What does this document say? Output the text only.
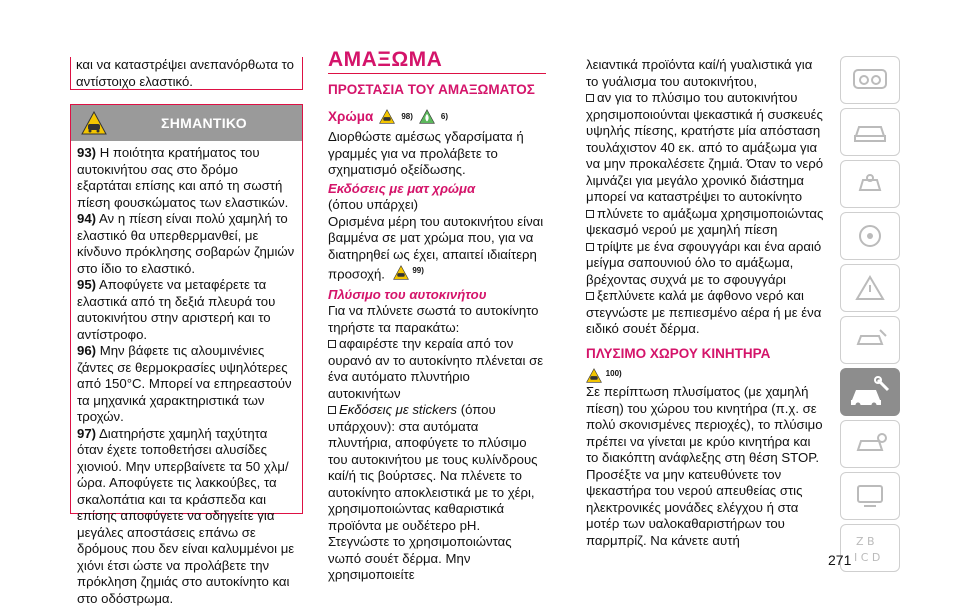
και να καταστρέψει ανεπανόρθωτα το αντίστοιχο ελαστικό.

ΣΗΜΑΝΤΙΚΟ

93) Η ποιότητα κρατήματος του αυτοκινήτου σας στο δρόμο εξαρτάται επίσης και από τη σωστή πίεση φουσκώματος των ελαστικών.

94) Αν η πίεση είναι πολύ χαμηλή το ελαστικό θα υπερθερμανθεί, με κίνδυνο πρόκλησης σοβαρών ζημιών στο ίδιο το ελαστικό.

95) Αποφύγετε να μεταφέρετε τα ελαστικά από τη δεξιά πλευρά του αυτοκινήτου στην αριστερή και το αντίστροφο.

96) Μην βάφετε τις αλουμινένιες ζάντες σε θερμοκρασίες υψηλότερες από 150°C. Μπορεί να επηρεαστούν τα μηχανικά χαρακτηριστικά των τροχών.

97) Διατηρήστε χαμηλή ταχύτητα όταν έχετε τοποθετήσει αλυσίδες χιονιού. Μην υπερβαίνετε τα 50 χλμ/ώρα. Αποφύγετε τις λακκούβες, τα σκαλοπάτια και τα κράσπεδα και επίσης αποφύγετε να οδηγείτε για μεγάλες αποστάσεις επάνω σε δρόμους που δεν είναι καλυμμένοι με χιόνι έτσι ώστε να προλάβετε την πρόκληση ζημιάς στο αυτοκίνητο και στο οδόστρωμα.

ΑΜΑΞΩΜΑ
ΠΡΟΣΤΑΣΙΑ ΤΟΥ ΑΜΑΞΩΜΑΤΟΣ
Χρώμα	98)	6)

Διορθώστε αμέσως γδαρσίματα ή γραμμές για να προλάβετε το σχηματισμό οξείδωσης.

Εκδόσεις με ματ χρώμα

(όπου υπάρχει)

Ορισμένα μέρη του αυτοκινήτου είναι βαμμένα σε ματ χρώμα που, για να διατηρηθεί ως έχει, απαιτεί ιδιαίτερη προσοχή.	$^{99)}$

Πλύσιμο του αυτοκινήτου

Για να πλύνετε σωστά το αυτοκίνητο τηρήστε τα παρακάτω:

αφαιρέστε την κεραία από τον ουρανό αν το αυτοκίνητο πλένεται σε ένα αυτόματο πλυντήριο αυτοκινήτων

Εκδόσεις με stickers (όπου υπάρχουν): στα αυτόματα πλυντήρια, αποφύγετε το πλύσιμο του αυτοκινήτου με τους κυλίνδρους καί/ή τις βούρτσες. Να πλένετε το αυτοκίνητο αποκλειστικά με το χέρι, χρησιμοποιώντας καθαριστικά προϊόντα με ουδέτερο pH. Στεγνώστε το χρησιμοποιώντας νωπό σουέτ δέρμα. Μην χρησιμοποιείτε

λειαντικά προϊόντα καί/ή γυαλιστικά για το γυάλισμα του αυτοκινήτου,

αν για το πλύσιμο του αυτοκινήτου χρησιμοποιούνται ψεκαστικά ή συσκευές υψηλής πίεσης, κρατήστε μία απόσταση τουλάχιστον 40 εκ. από το αμάξωμα για να μην προκαλέσετε ζημιά. Όταν το νερό λιμνάζει για μεγάλο χρονικό διάστημα μπορεί να καταστρέψει το αυτοκίνητο

πλύνετε το αμάξωμα χρησιμοποιώντας ψεκασμό νερού με χαμηλή πίεση

τρίψτε με ένα σφουγγάρι και ένα αραιό μείγμα σαπουνιού όλο το αμάξωμα, βρέχοντας συχνά με το σφουγγάρι

ξεπλύνετε καλά με άφθονο νερό και στεγνώστε με πεπιεσμένο αέρα ή με ένα ειδικό σουέτ δέρμα.

ΠΛΥΣΙΜΟ ΧΩΡΟΥ ΚΙΝΗΤΗΡΑ

$^{100)}$

Σε περίπτωση πλυσίματος (με χαμηλή πίεση) του χώρου του κινητήρα (π.χ. σε πολύ σκονισμένες περιοχές), το πλύσιμο πρέπει να γίνεται με κρύο κινητήρα και το διακόπτη ανάφλεξης στη θέση STOP. Προσέξτε να μην κατευθύνετε τον ψεκαστήρα του νερού απευθείας στις ηλεκτρονικές μονάδες ελέγχου ή στα μοτέρ των υαλοκαθαριστήρων του παρμπρίζ. Να κάνετε αυτή	Z B
I C D
271
